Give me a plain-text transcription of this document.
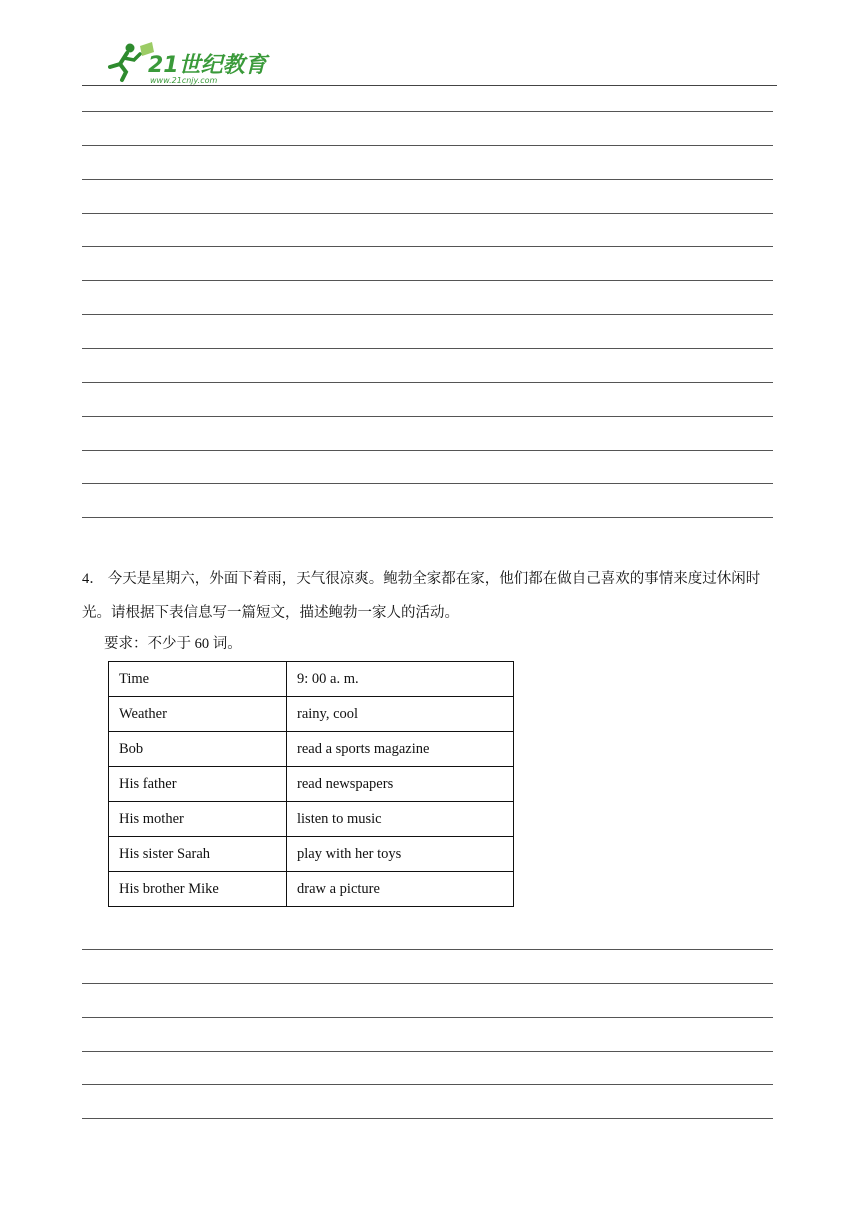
21世纪教育
www.21cnjy.com
4． 今天是星期六，外面下着雨，天气很凉爽。鲍勃全家都在家，他们都在做自己喜欢的事情来度过休闲时光。请根据下表信息写一篇短文，描述鲍勃一家人的活动。
要求：不少于 60 词。
Time	9: 00 a. m.
Weather	rainy, cool
Bob	read a sports magazine
His father	read newspapers
His mother	listen to music
His sister Sarah	play with her toys
His brother Mike	draw a picture
